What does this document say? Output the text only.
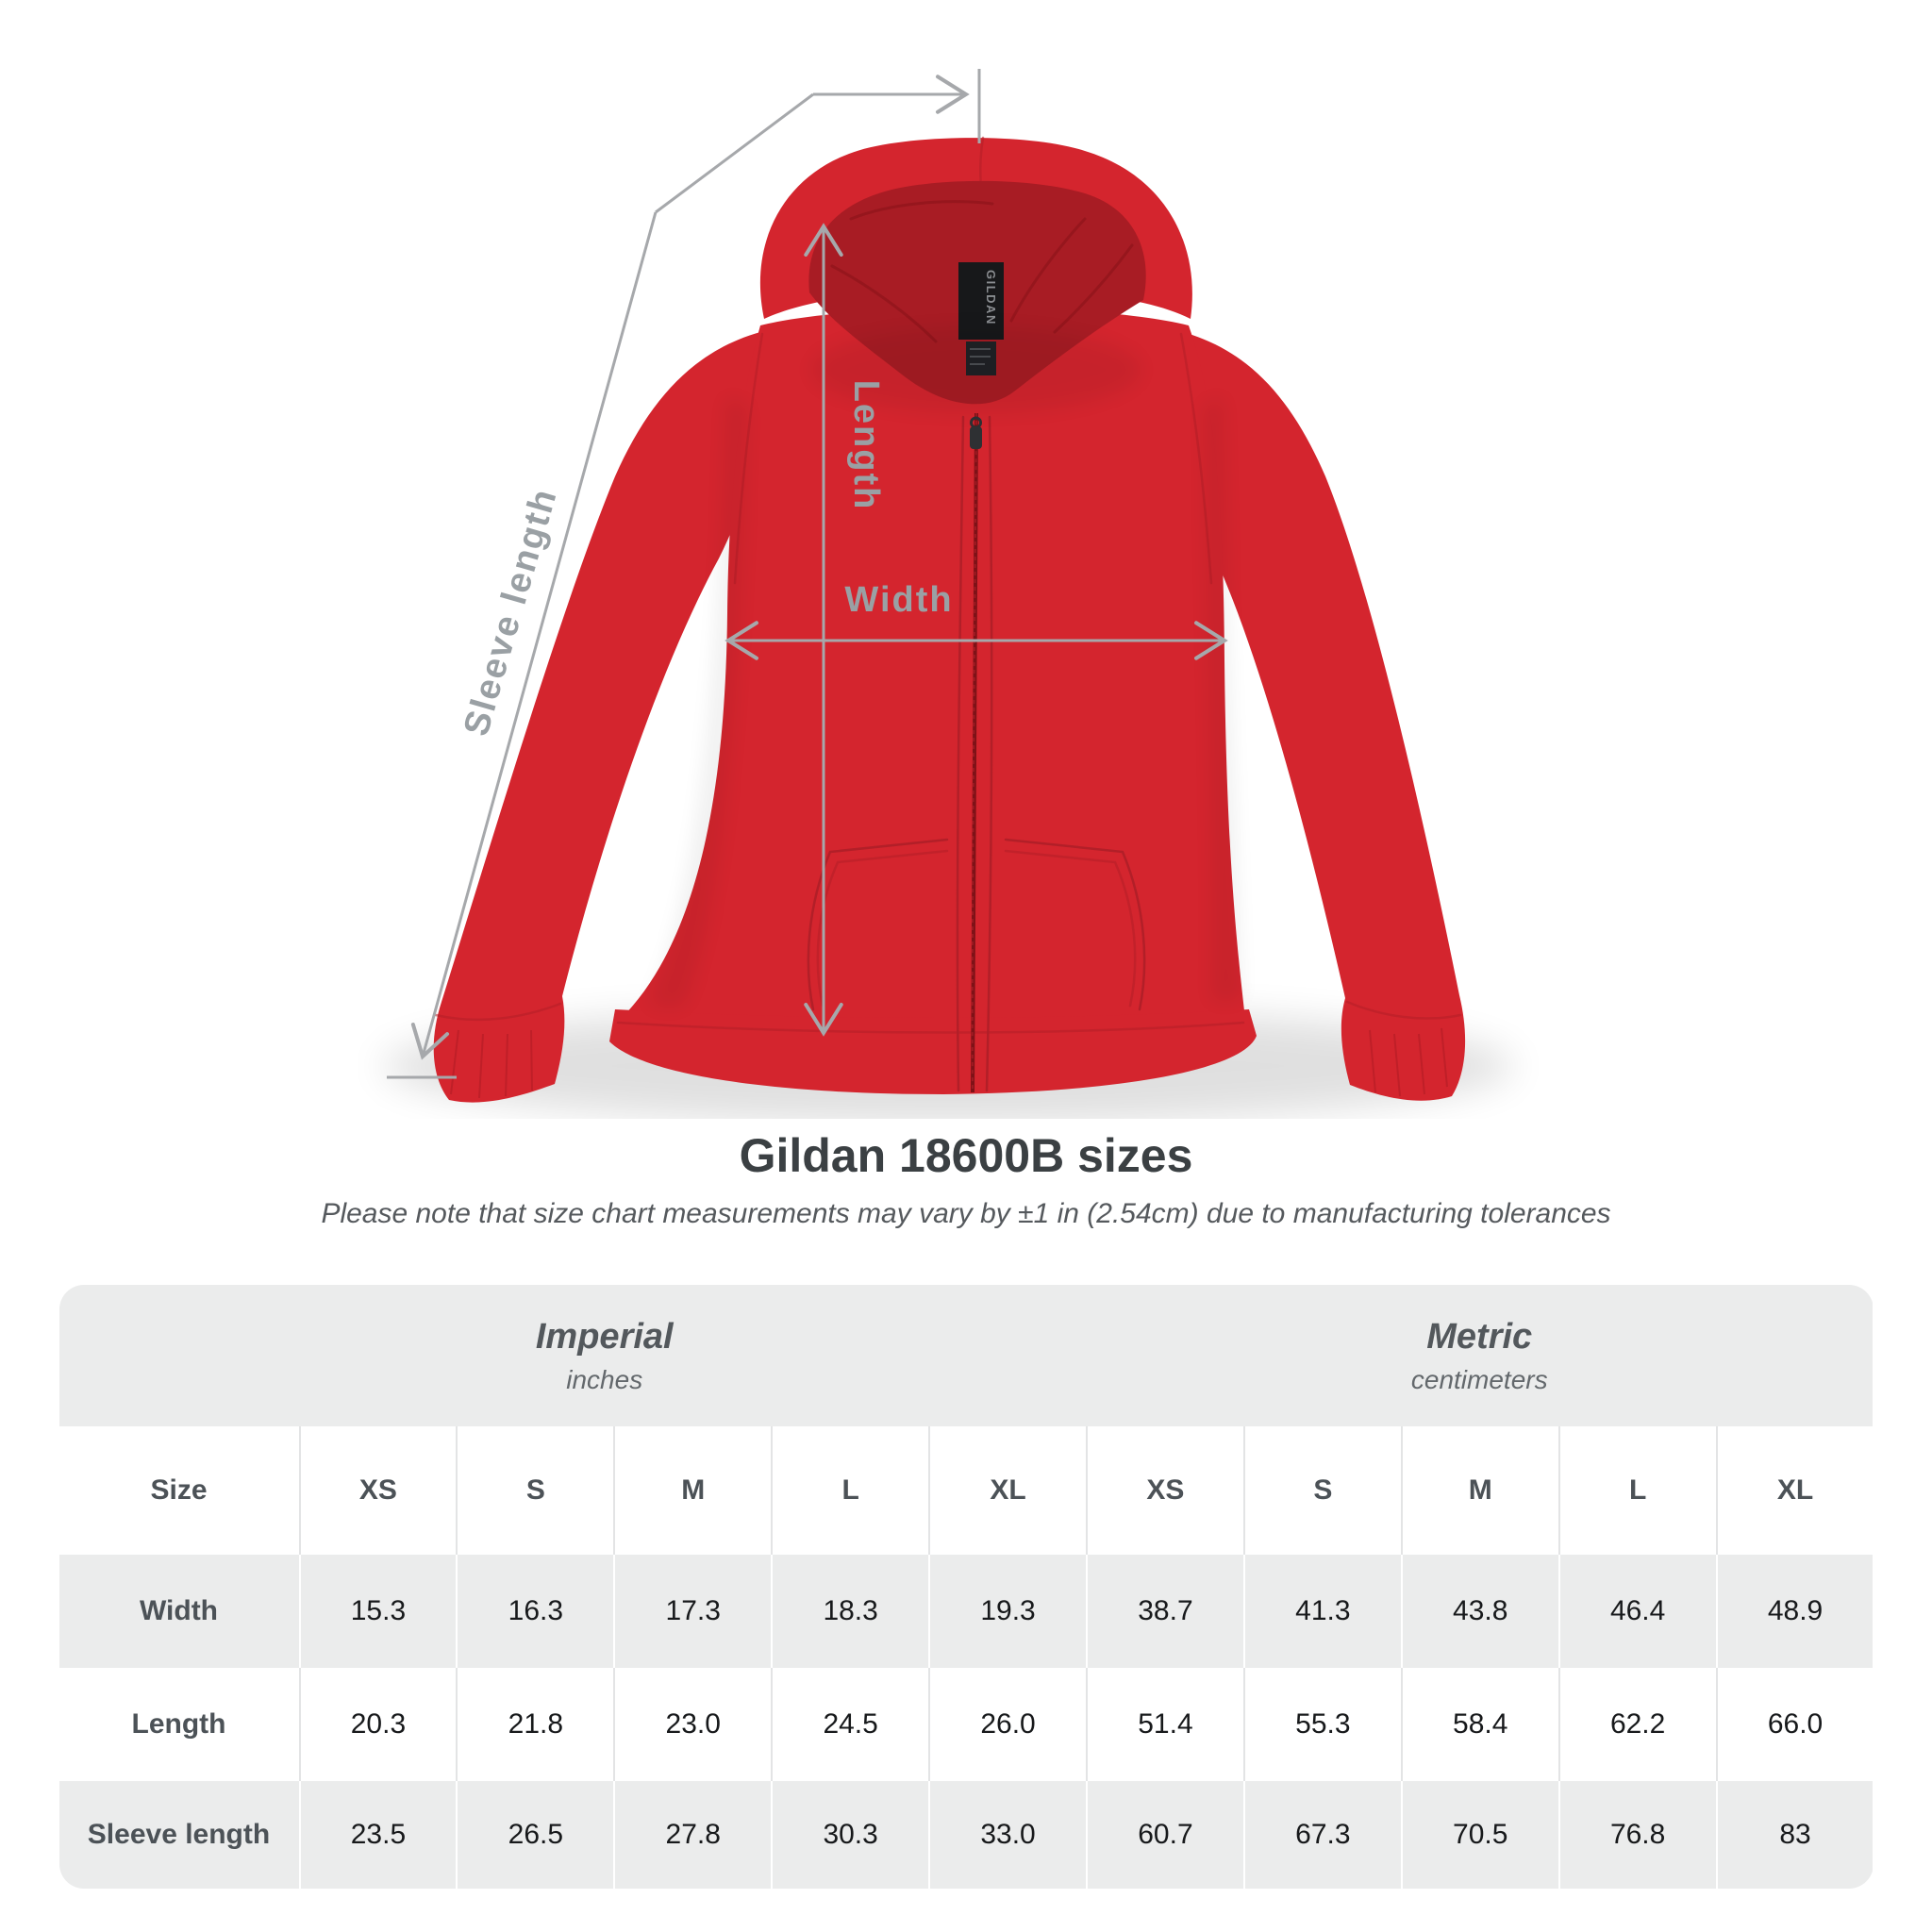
GILDAN
Sleeve length
Length
Width
Gildan 18600B sizes

Please note that size chart measurements may vary by ±1 in (2.54cm) due to manufacturing tolerances

Imperial
inches
Metric
centimeters
Size	XS	S	M	L	XL	XS	S	M	L	XL
Width	15.3	16.3	17.3	18.3	19.3	38.7	41.3	43.8	46.4	48.9
Length	20.3	21.8	23.0	24.5	26.0	51.4	55.3	58.4	62.2	66.0
Sleeve length	23.5	26.5	27.8	30.3	33.0	60.7	67.3	70.5	76.8	83
